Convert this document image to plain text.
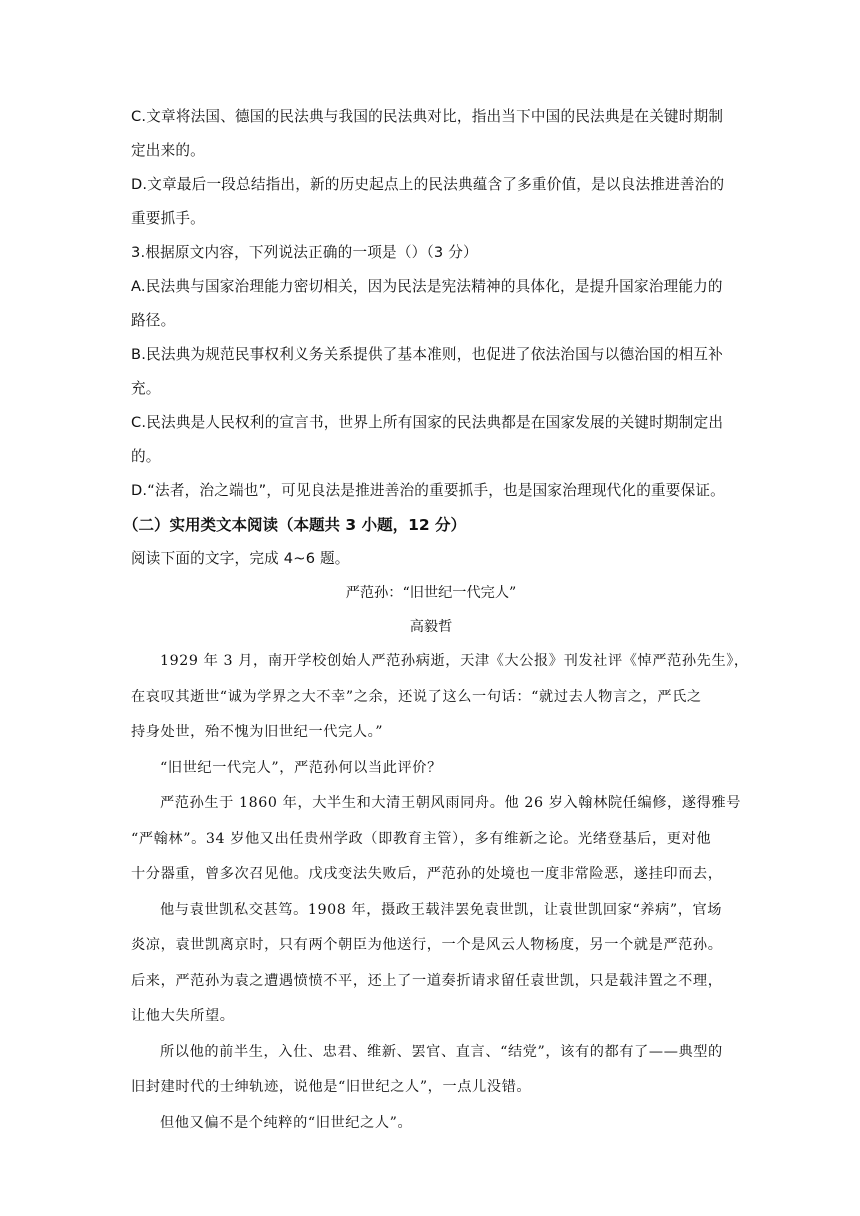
C.文章将法国、德国的民法典与我国的民法典对比，指出当下中国的民法典是在关键时期制
定出来的。
D.文章最后一段总结指出，新的历史起点上的民法典蕴含了多重价值，是以良法推进善治的
重要抓手。
3.根据原文内容，下列说法正确的一项是（）（3 分）
A.民法典与国家治理能力密切相关，因为民法是宪法精神的具体化，是提升国家治理能力的
路径。
B.民法典为规范民事权利义务关系提供了基本准则，也促进了依法治国与以德治国的相互补
充。
C.民法典是人民权利的宣言书，世界上所有国家的民法典都是在国家发展的关键时期制定出
的。
D.“法者，治之端也”，可见良法是推进善治的重要抓手，也是国家治理现代化的重要保证。
（二）实用类文本阅读（本题共 3 小题，12 分）
阅读下面的文字，完成 4~6 题。
严范孙：“旧世纪一代完人”
高毅哲
1929 年 3 月，南开学校创始人严范孙病逝，天津《大公报》刊发社评《悼严范孙先生》，
在哀叹其逝世“诚为学界之大不幸”之余，还说了这么一句话：“就过去人物言之，严氏之
持身处世，殆不愧为旧世纪一代完人。”
“旧世纪一代完人”，严范孙何以当此评价？
严范孙生于 1860 年，大半生和大清王朝风雨同舟。他 26 岁入翰林院任编修，遂得雅号
“严翰林”。34 岁他又出任贵州学政（即教育主管），多有维新之论。光绪登基后，更对他
十分器重，曾多次召见他。戊戌变法失败后，严范孙的处境也一度非常险恶，遂挂印而去，
他与袁世凯私交甚笃。1908 年，摄政王载沣罢免袁世凯，让袁世凯回家“养病”，官场
炎凉，袁世凯离京时，只有两个朝臣为他送行，一个是风云人物杨度，另一个就是严范孙。
后来，严范孙为袁之遭遇愤愤不平，还上了一道奏折请求留任袁世凯，只是载沣置之不理，
让他大失所望。
所以他的前半生，入仕、忠君、维新、罢官、直言、“结党”，该有的都有了——典型的
旧封建时代的士绅轨迹，说他是“旧世纪之人”，一点儿没错。
但他又偏不是个纯粹的“旧世纪之人”。
